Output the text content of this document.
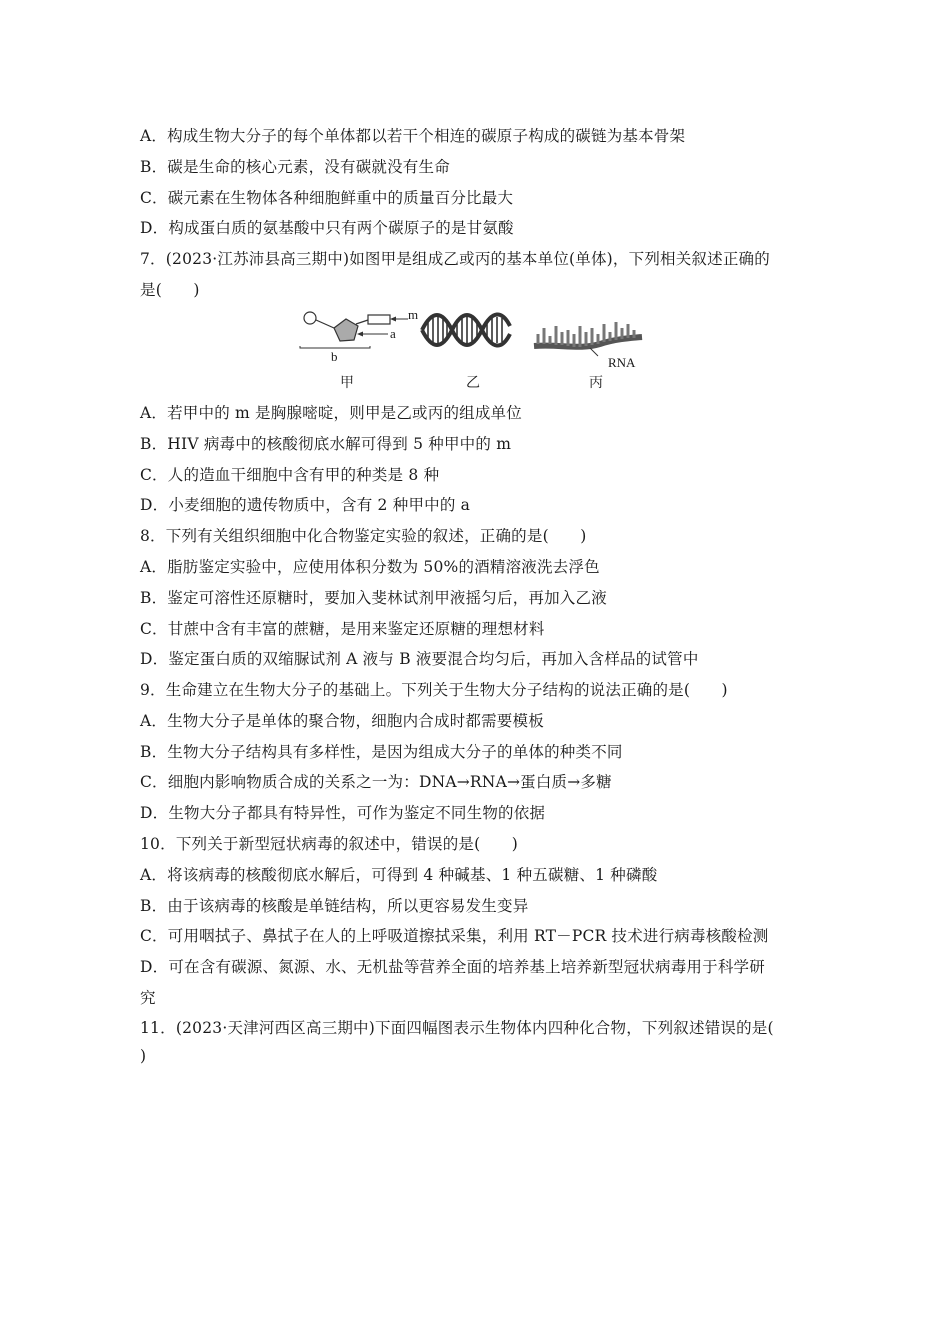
A．构成生物大分子的每个单体都以若干个相连的碳原子构成的碳链为基本骨架
B．碳是生命的核心元素，没有碳就没有生命
C．碳元素在生物体各种细胞鲜重中的质量百分比最大
D．构成蛋白质的氨基酸中只有两个碳原子的是甘氨酸
7．(2023·江苏沛县高三期中)如图甲是组成乙或丙的基本单位(单体)，下列相关叙述正确的
是(　　)
m
a
b	RNA
甲	乙	丙
A．若甲中的 m 是胸腺嘧啶，则甲是乙或丙的组成单位
B．HIV 病毒中的核酸彻底水解可得到 5 种甲中的 m
C．人的造血干细胞中含有甲的种类是 8 种
D．小麦细胞的遗传物质中，含有 2 种甲中的 a
8．下列有关组织细胞中化合物鉴定实验的叙述，正确的是(　　)
A．脂肪鉴定实验中，应使用体积分数为 50%的酒精溶液洗去浮色
B．鉴定可溶性还原糖时，要加入斐林试剂甲液摇匀后，再加入乙液
C．甘蔗中含有丰富的蔗糖，是用来鉴定还原糖的理想材料
D．鉴定蛋白质的双缩脲试剂 A 液与 B 液要混合均匀后，再加入含样品的试管中
9．生命建立在生物大分子的基础上。下列关于生物大分子结构的说法正确的是(　　)
A．生物大分子是单体的聚合物，细胞内合成时都需要模板
B．生物大分子结构具有多样性，是因为组成大分子的单体的种类不同
C．细胞内影响物质合成的关系之一为：DNA→RNA→蛋白质→多糖
D．生物大分子都具有特异性，可作为鉴定不同生物的依据
10．下列关于新型冠状病毒的叙述中，错误的是(　　)
A．将该病毒的核酸彻底水解后，可得到 4 种碱基、1 种五碳糖、1 种磷酸
B．由于该病毒的核酸是单链结构，所以更容易发生变异
C．可用咽拭子、鼻拭子在人的上呼吸道擦拭采集，利用 RT－PCR 技术进行病毒核酸检测
D．可在含有碳源、氮源、水、无机盐等营养全面的培养基上培养新型冠状病毒用于科学研
究
11．(2023·天津河西区高三期中)下面四幅图表示生物体内四种化合物，下列叙述错误的是(
)
